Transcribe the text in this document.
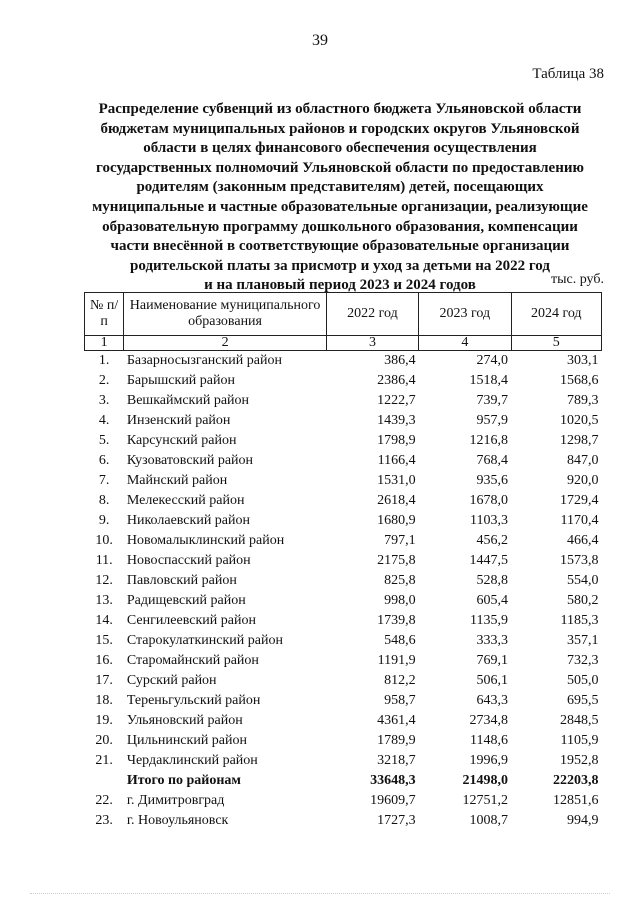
39
Таблица 38
Распределение субвенций из областного бюджета Ульяновской области
бюджетам муниципальных районов и городских округов Ульяновской
области в целях финансового обеспечения осуществления
государственных полномочий Ульяновской области по предоставлению
родителям (законным представителям) детей, посещающих
муниципальные и частные образовательные организации, реализующие
образовательную программу дошкольного образования, компенсации
части внесённой в соответствующие образовательные организации
родительской платы за присмотр и уход за детьми на 2022 год
и на плановый период 2023 и 2024 годов	тыс. руб.
№ п/п	Наименование муниципального образования	2022 год	2023 год	2024 год
1	2	3	4	5
1.	Базарносызганский район	386,4	274,0	303,1
2.	Барышский район	2386,4	1518,4	1568,6
3.	Вешкаймский район	1222,7	739,7	789,3
4.	Инзенский район	1439,3	957,9	1020,5
5.	Карсунский район	1798,9	1216,8	1298,7
6.	Кузоватовский район	1166,4	768,4	847,0
7.	Майнский район	1531,0	935,6	920,0
8.	Мелекесский район	2618,4	1678,0	1729,4
9.	Николаевский район	1680,9	1103,3	1170,4
10.	Новомалыклинский район	797,1	456,2	466,4
11.	Новоспасский район	2175,8	1447,5	1573,8
12.	Павловский район	825,8	528,8	554,0
13.	Радищевский район	998,0	605,4	580,2
14.	Сенгилеевский район	1739,8	1135,9	1185,3
15.	Старокулаткинский район	548,6	333,3	357,1
16.	Старомайнский район	1191,9	769,1	732,3
17.	Сурский район	812,2	506,1	505,0
18.	Тереньгульский район	958,7	643,3	695,5
19.	Ульяновский район	4361,4	2734,8	2848,5
20.	Цильнинский район	1789,9	1148,6	1105,9
21.	Чердаклинский район	3218,7	1996,9	1952,8
	Итого по районам	33648,3	21498,0	22203,8
22.	г. Димитровград	19609,7	12751,2	12851,6
23.	г. Новоульяновск	1727,3	1008,7	994,9
